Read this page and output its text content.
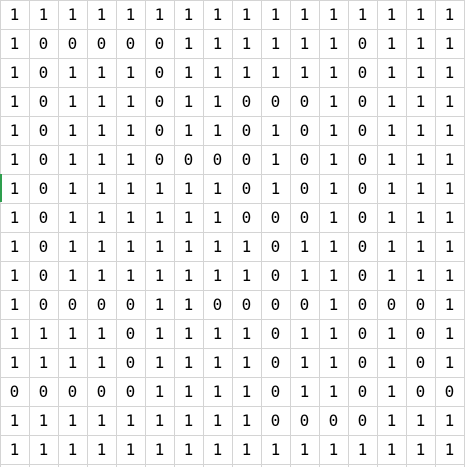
1	1	1	1	1	1	1	1	1	1	1	1	1	1	1	1
1	0	0	0	0	0	1	1	1	1	1	1	0	1	1	1
1	0	1	1	1	0	1	1	1	1	1	1	0	1	1	1
1	0	1	1	1	0	1	1	0	0	0	1	0	1	1	1
1	0	1	1	1	0	1	1	0	1	0	1	0	1	1	1
1	0	1	1	1	0	0	0	0	1	0	1	0	1	1	1
1	0	1	1	1	1	1	1	0	1	0	1	0	1	1	1
1	0	1	1	1	1	1	1	0	0	0	1	0	1	1	1
1	0	1	1	1	1	1	1	1	0	1	1	0	1	1	1
1	0	1	1	1	1	1	1	1	0	1	1	0	1	1	1
1	0	0	0	0	1	1	0	0	0	0	1	0	0	0	1
1	1	1	1	0	1	1	1	1	0	1	1	0	1	0	1
1	1	1	1	0	1	1	1	1	0	1	1	0	1	0	1
0	0	0	0	0	1	1	1	1	0	1	1	0	1	0	0
1	1	1	1	1	1	1	1	1	0	0	0	0	1	1	1
1	1	1	1	1	1	1	1	1	1	1	1	1	1	1	1
